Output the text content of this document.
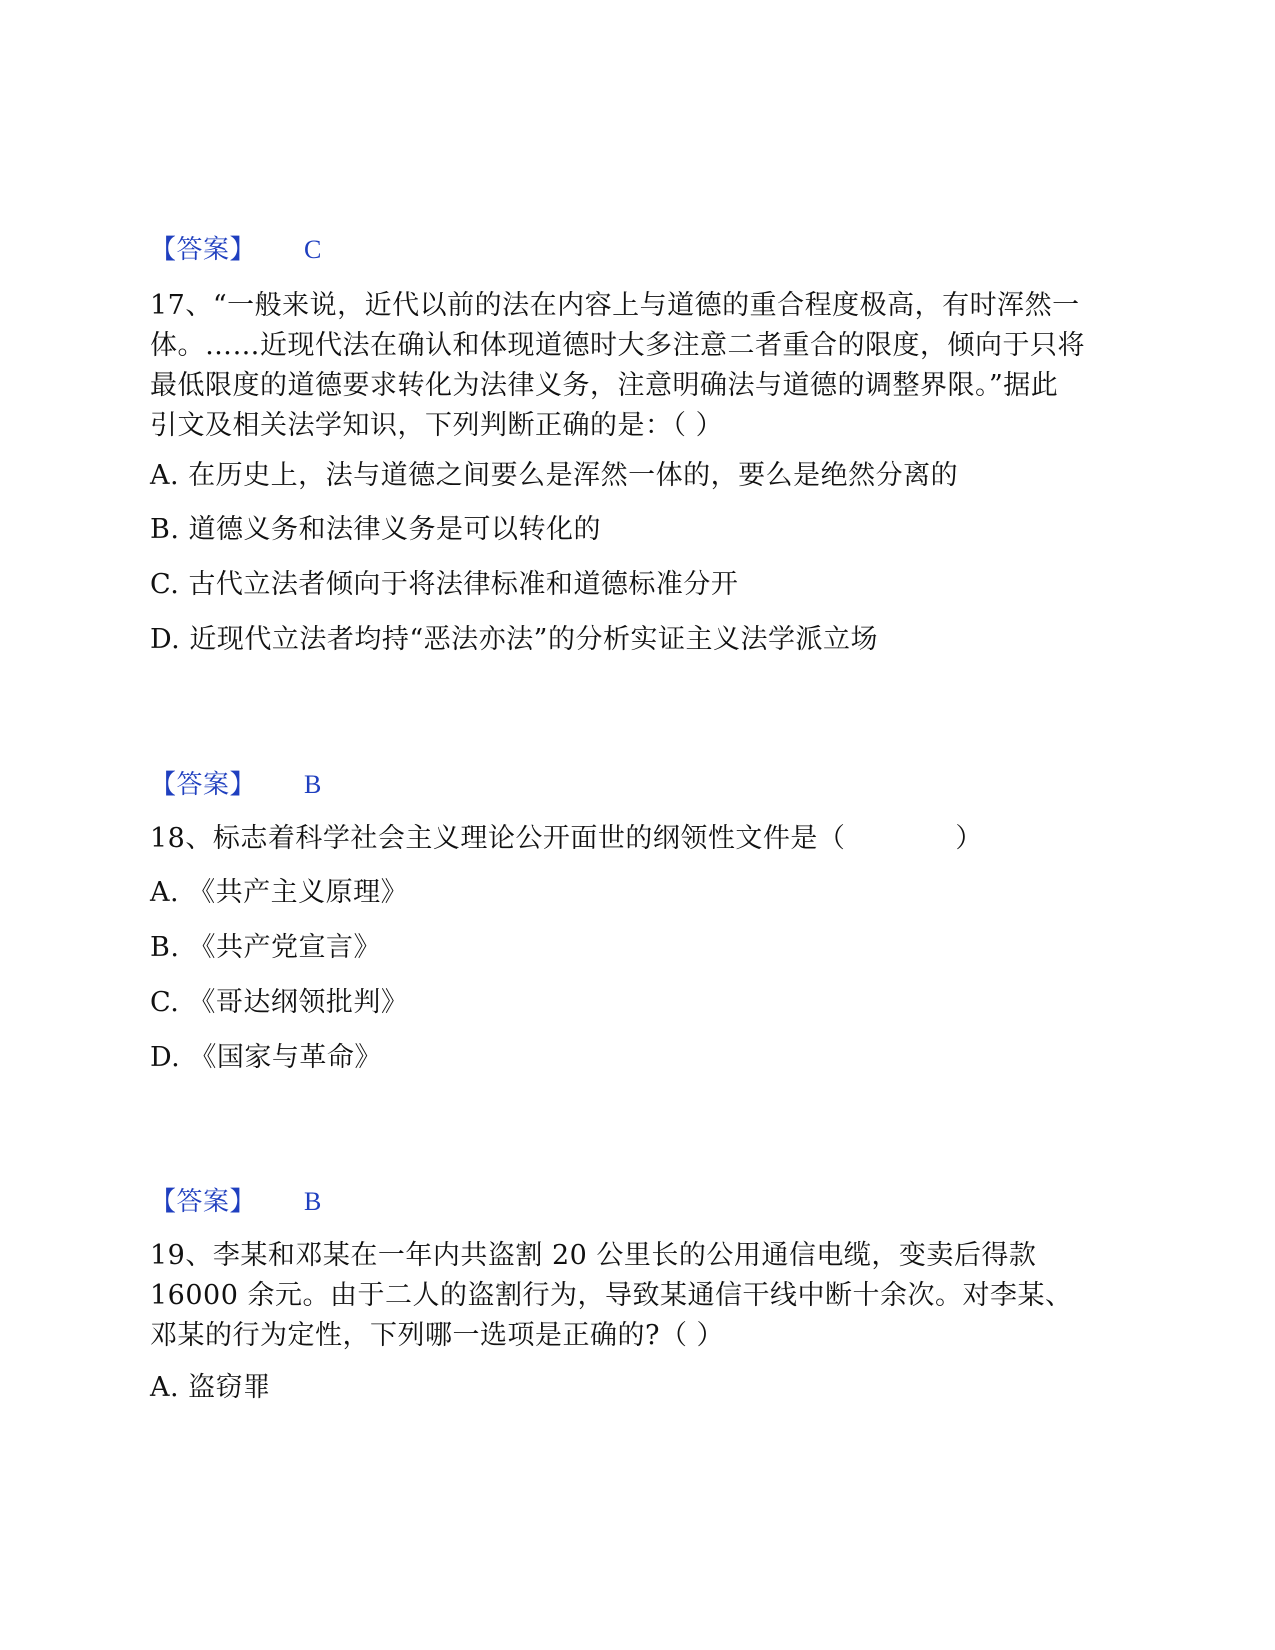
【答案】 C

17、“一般来说，近代以前的法在内容上与道德的重合程度极高，有时浑然一

体。……近现代法在确认和体现道德时大多注意二者重合的限度，倾向于只将

最低限度的道德要求转化为法律义务，注意明确法与道德的调整界限。”据此

引文及相关法学知识，下列判断正确的是：（ ）

A. 在历史上，法与道德之间要么是浑然一体的，要么是绝然分离的
B. 道德义务和法律义务是可以转化的
C. 古代立法者倾向于将法律标准和道德标准分开
D. 近现代立法者均持“恶法亦法”的分析实证主义法学派立场
【答案】 B
18、标志着科学社会主义理论公开面世的纲领性文件是（　　　　）
A. 《共产主义原理》
B. 《共产党宣言》
C. 《哥达纲领批判》
D. 《国家与革命》
【答案】 B

19、李某和邓某在一年内共盗割 20 公里长的公用通信电缆，变卖后得款

16000 余元。由于二人的盗割行为，导致某通信干线中断十余次。对李某、

邓某的行为定性，下列哪一选项是正确的?（ ）

A. 盗窃罪
